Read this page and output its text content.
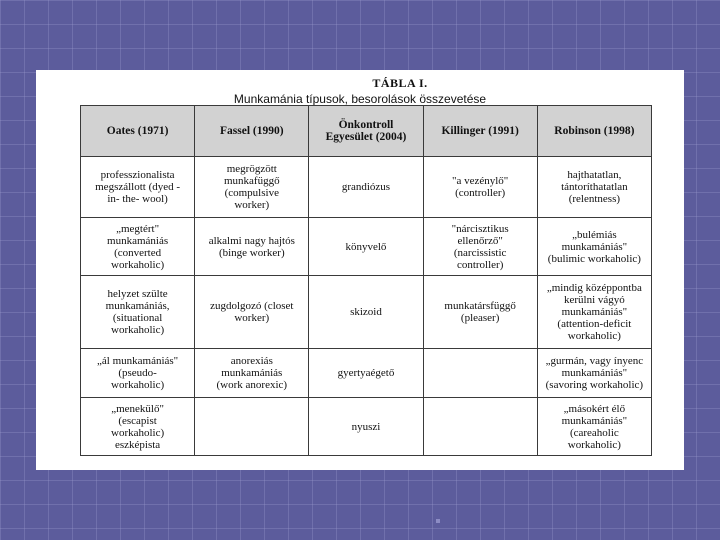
TÁBLA I.
Munkamánia típusok, besorolások összevetése
Oates (1971)	Fassel (1990)	Önkontroll
Egyesület (2004)	Killinger (1991)	Robinson (1998)

professzionalista
megszállott (dyed -
in- the- wool)	megrögzött
munkafüggő
(compulsive
worker)	grandiózus	"a vezénylő"
(controller)	hajthatatlan,
tántoríthatatlan
(relentness)

„megtért"
munkamániás
(converted
workaholic)	alkalmi nagy hajtós
(binge worker)	könyvelő	"nárcisztikus
ellenőrző"
(narcissistic
controller)	„bulémiás
munkamániás"
(bulimic workaholic)

helyzet szülte
munkamániás,
(situational
workaholic)	zugdolgozó (closet
worker)	skizoid	munkatársfüggő
(pleaser)	„mindig középpontba
kerülni vágyó
munkamániás"
(attention-deficit
workaholic)

„ál munkamániás"
(pseudo-
workaholic)	anorexiás
munkamániás
(work anorexic)	gyertyaégető		„gurmán, vagy ínyenc
munkamániás"
(savoring workaholic)

„menekülő"
(escapist
workaholic)
eszképista		nyuszi		„másokért élő
munkamániás"
(careaholic
workaholic)
